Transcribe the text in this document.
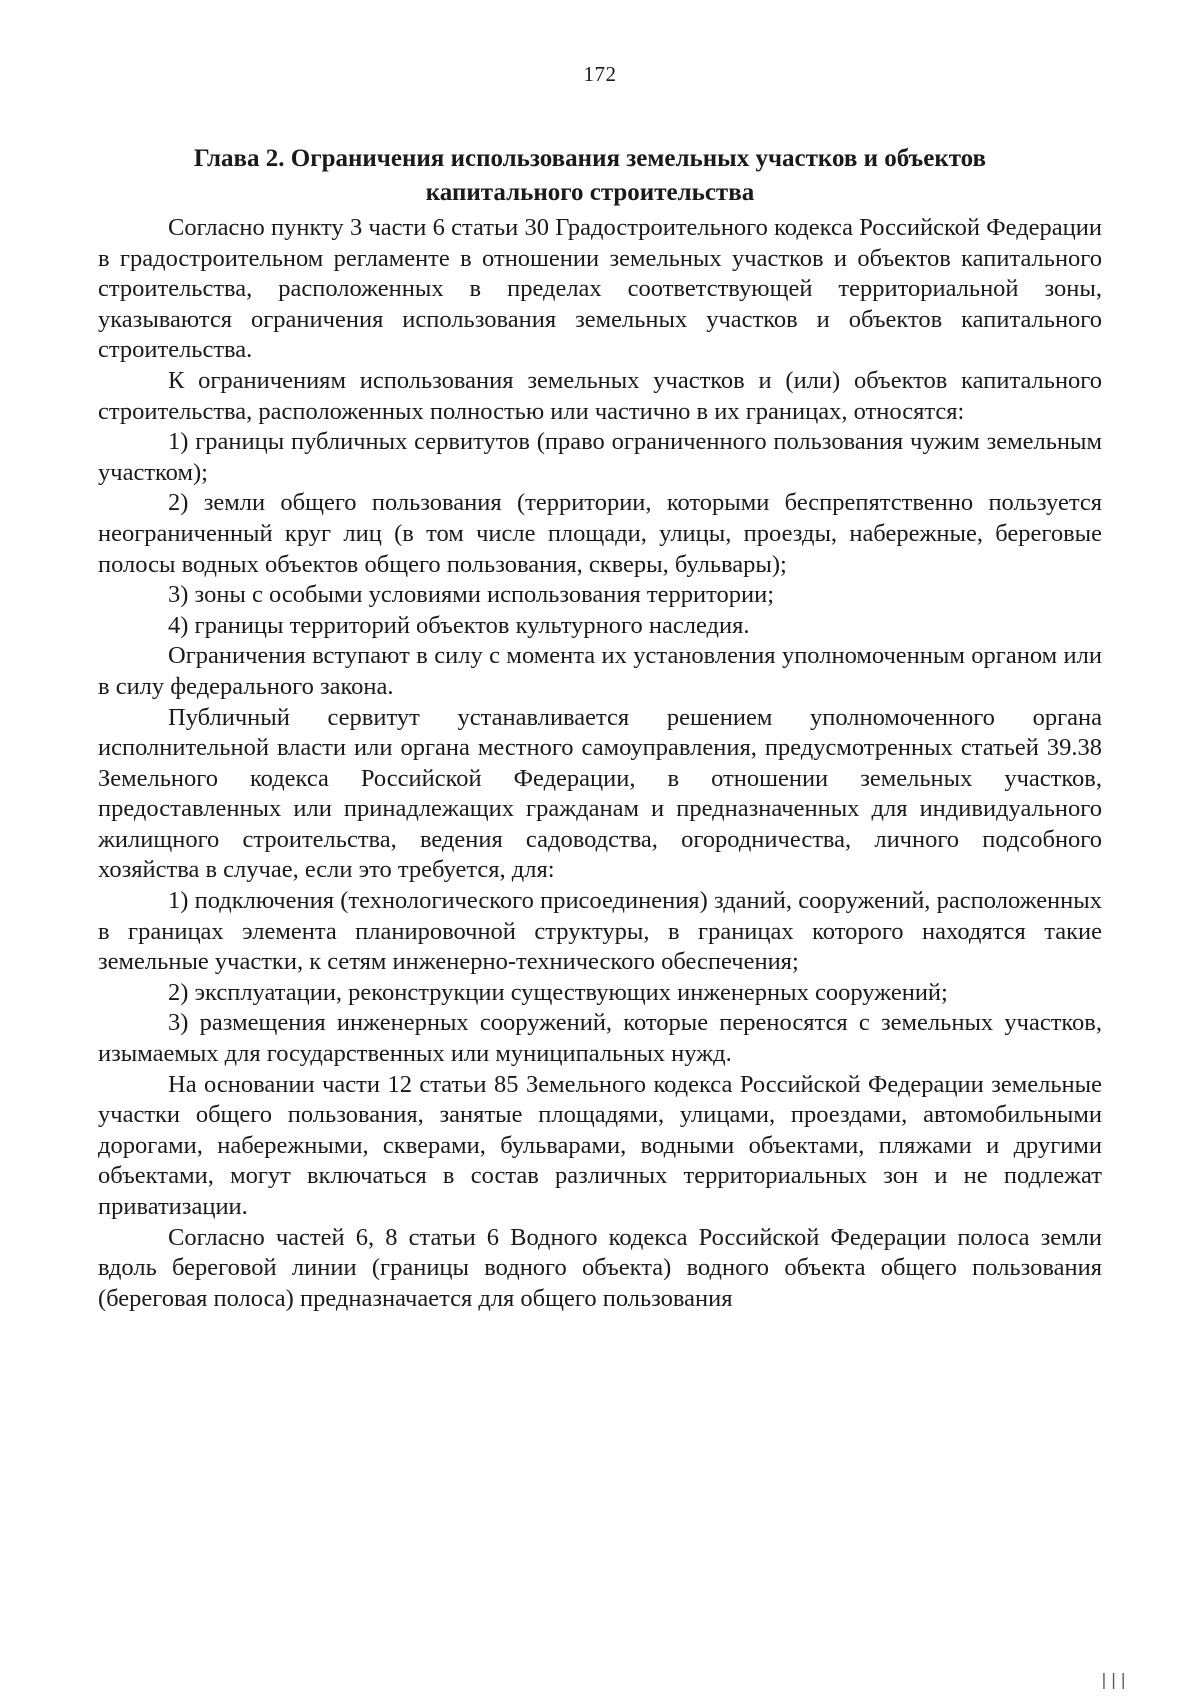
172
Глава 2. Ограничения использования земельных участков и объектов
капитального строительства

Согласно пункту 3 части 6 статьи 30 Градостроительного кодекса Российской Федерации в градостроительном регламенте в отношении земельных участков и объектов капитального строительства, расположенных в пределах соответствующей территориальной зоны, указываются ограничения использования земельных участков и объектов капитального строительства.

К ограничениям использования земельных участков и (или) объектов капитального строительства, расположенных полностью или частично в их границах, относятся:

1) границы публичных сервитутов (право ограниченного пользования чужим земельным участком);

2) земли общего пользования (территории, которыми беспрепятственно пользуется неограниченный круг лиц (в том числе площади, улицы, проезды, набережные, береговые полосы водных объектов общего пользования, скверы, бульвары);

3) зоны с особыми условиями использования территории;

4) границы территорий объектов культурного наследия.

Ограничения вступают в силу с момента их установления уполномоченным органом или в силу федерального закона.

Публичный сервитут устанавливается решением уполномоченного органа исполнительной власти или органа местного самоуправления, предусмотренных статьей 39.38 Земельного кодекса Российской Федерации, в отношении земельных участков, предоставленных или принадлежащих гражданам и предназначенных для индивидуального жилищного строительства, ведения садоводства, огородничества, личного подсобного хозяйства в случае, если это требуется, для:

1) подключения (технологического присоединения) зданий, сооружений, расположенных в границах элемента планировочной структуры, в границах которого находятся такие земельные участки, к сетям инженерно-технического обеспечения;

2) эксплуатации, реконструкции существующих инженерных сооружений;

3) размещения инженерных сооружений, которые переносятся с земельных участков, изымаемых для государственных или муниципальных нужд.

На основании части 12 статьи 85 Земельного кодекса Российской Федерации земельные участки общего пользования, занятые площадями, улицами, проездами, автомобильными дорогами, набережными, скверами, бульварами, водными объектами, пляжами и другими объектами, могут включаться в состав различных территориальных зон и не подлежат приватизации.

Согласно частей 6, 8 статьи 6 Водного кодекса Российской Федерации полоса земли вдоль береговой линии (границы водного объекта) водного объекта общего пользования (береговая полоса) предназначается для общего пользования

|||
